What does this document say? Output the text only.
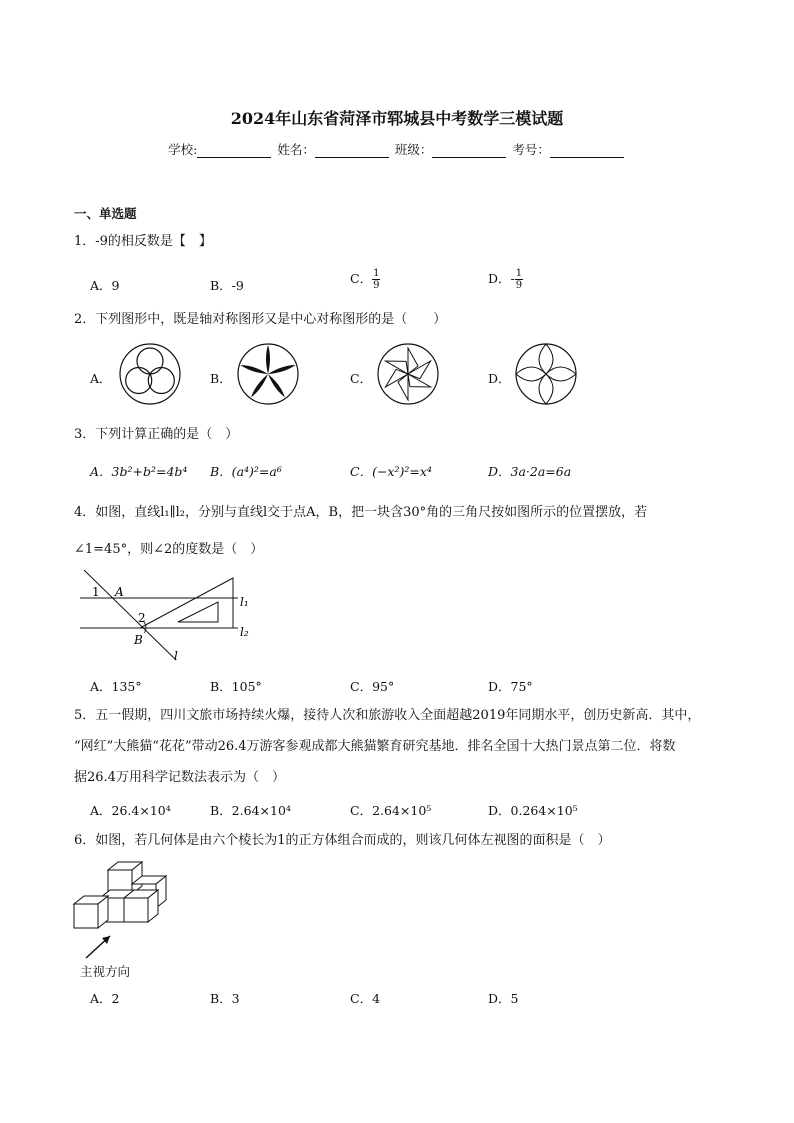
2024年山东省菏泽市郓城县中考数学三模试题
学校:	姓名：	班级：	考号：
一、单选题
1．-9的相反数是【　】
A．9	B．-9	C． $\frac{1}{9}$	D．- $\frac{1}{9}$
2．下列图形中，既是轴对称图形又是中心对称图形的是（　　）
A．	B．	C．	D．
3．下列计算正确的是（　）
A．3b²+b²=4b⁴ B．(a⁴)²=a⁶	C．(−x²)²=x⁴	D．3a·2a=6a
4．如图，直线l₁∥l₂，分别与直线l交于点A，B，把一块含30°角的三角尺按如图所示的位置摆放，若
∠1=45°，则∠2的度数是（　）
1 A
2
B
l₁
l₂
l
A．135°	B．105°	C．95°	D．75°
5．五一假期，四川文旅市场持续火爆，接待人次和旅游收入全面超越2019年同期水平，创历史新高．其中，
“网红”大熊猫“花花”带动26.4万游客参观成都大熊猫繁育研究基地．排名全国十大热门景点第二位．将数
据26.4万用科学记数法表示为（　）
A．26.4×10⁴	B．2.64×10⁴	C．2.64×10⁵	D．0.264×10⁵
6．如图，若几何体是由六个棱长为1的正方体组合而成的，则该几何体左视图的面积是（　）
主视方向
A．2	B．3	C．4	D．5
